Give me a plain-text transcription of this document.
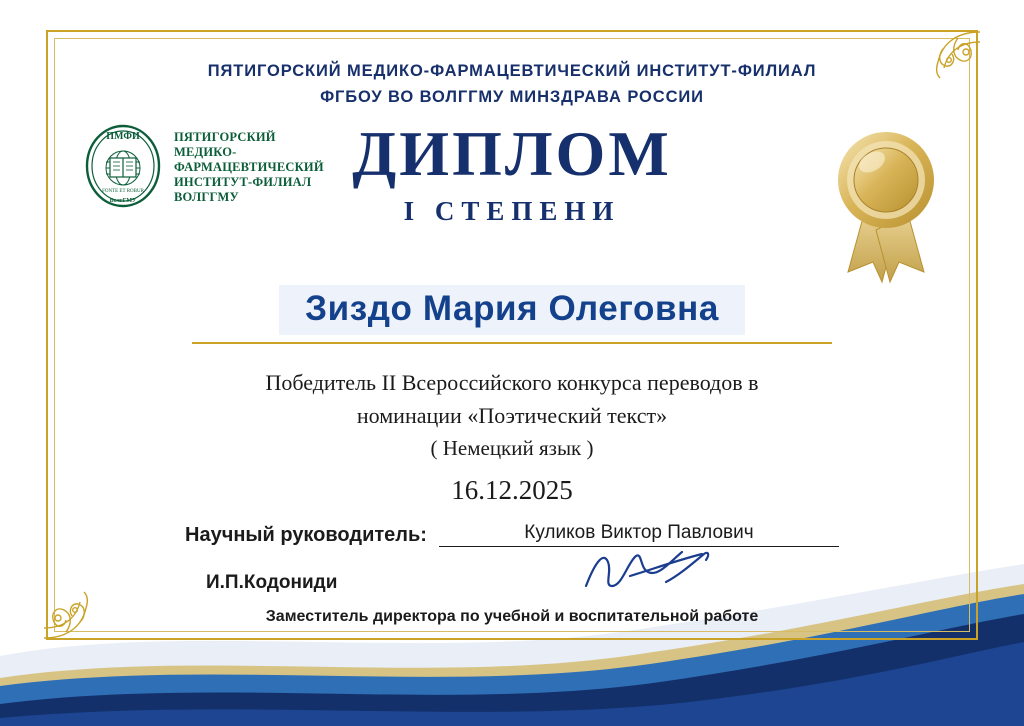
ПЯТИГОРСКИЙ МЕДИКО-ФАРМАЦЕВТИЧЕСКИЙ ИНСТИТУТ-ФИЛИАЛ
ФГБОУ ВО ВОЛГГМУ МИНЗДРАВА РОССИИ
ДИПЛОМ
I СТЕПЕНИ
ПМФИ
FONTE ET ROBUR
ВолгГМУ
ПЯТИГОРСКИЙ
МЕДИКО-
ФАРМАЦЕВТИЧЕСКИЙ
ИНСТИТУТ-ФИЛИАЛ
ВОЛГГМУ
Зиздо Мария Олеговна
Победитель II Всероссийского конкурса переводов в
номинации «Поэтический текст»
( Немецкий язык )
16.12.2025
Научный руководитель:	Куликов Виктор Павлович
И.П.Кодониди
Заместитель директора по учебной и воспитательной работе
